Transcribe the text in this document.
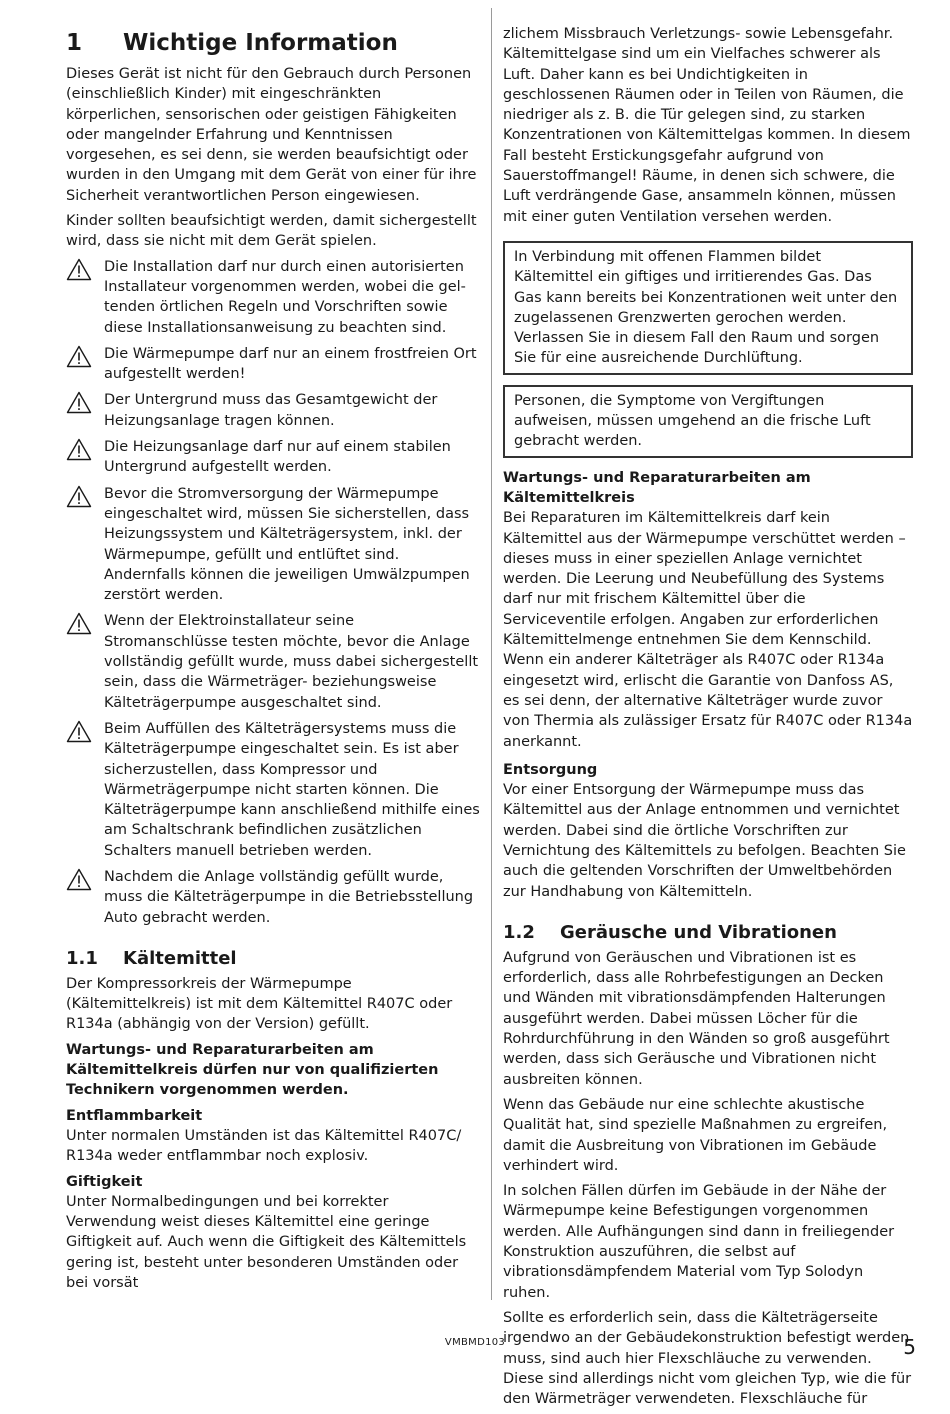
1 Wichtige Information

Dieses Gerät ist nicht für den Gebrauch durch Personen (einschließlich Kinder) mit eingeschränkten körperlichen, sensorischen oder geistigen Fähigkeiten oder mangelnder Erfahrung und Kenntnissen vorgesehen, es sei denn, sie werden beaufsichtigt oder wurden in den Umgang mit dem Gerät von einer für ihre Sicherheit verantwortlichen Person eingewiesen.

Kinder sollten beaufsichtigt werden, damit sichergestellt wird, dass sie nicht mit dem Gerät spielen.

Die Installation darf nur durch einen autorisierten Installateur vorgenommen werden, wobei die geltenden örtlichen Regeln und Vorschriften sowie diese Installationsanweisung zu beachten sind.

Die Wärmepumpe darf nur an einem frostfreien Ort aufgestellt werden!

Der Untergrund muss das Gesamtgewicht der Heizungsanlage tragen können.

Die Heizungsanlage darf nur auf einem stabilen Untergrund aufgestellt werden.

Bevor die Stromversorgung der Wärmepumpe eingeschaltet wird, müssen Sie sicherstellen, dass Heizungssystem und Kälteträgersystem, inkl. der Wärmepumpe, gefüllt und entlüftet sind. Andernfalls können die jeweiligen Umwälzpumpen zerstört werden.

Wenn der Elektroinstallateur seine Stromanschlüsse testen möchte, bevor die Anlage vollständig gefüllt wurde, muss dabei sichergestellt sein, dass die Wärmeträger- beziehungsweise Kälteträgerpumpe ausgeschaltet sind.

Beim Auffüllen des Kälteträgersystems muss die Kälteträgerpumpe eingeschaltet sein. Es ist aber sicherzustellen, dass Kompressor und Wärmeträgerpumpe nicht starten können. Die Kälteträgerpumpe kann anschließend mithilfe eines am Schaltschrank befindlichen zusätzlichen Schalters manuell betrieben werden.

Nachdem die Anlage vollständig gefüllt wurde, muss die Kälteträgerpumpe in die Betriebsstellung Auto gebracht werden.

1.1 Kältemittel

Der Kompressorkreis der Wärmepumpe (Kältemittelkreis) ist mit dem Kältemittel R407C oder R134a (abhängig von der Version) gefüllt.

Wartungs- und Reparaturarbeiten am Kältemittelkreis dürfen nur von qualifizierten Technikern vorgenommen werden.

Entflammbarkeit

Unter normalen Umständen ist das Kältemittel R407C/ R134a weder entflammbar noch explosiv.

Giftigkeit

Unter Normalbedingungen und bei korrekter Verwendung weist dieses Kältemittel eine geringe Giftigkeit auf. Auch wenn die Giftigkeit des Kältemittels gering ist, besteht unter besonderen Umständen oder bei vorsät

zlichem Missbrauch Verletzungs- sowie Lebensgefahr. Kältemittelgase sind um ein Vielfaches schwerer als Luft. Daher kann es bei Undichtigkeiten in geschlossenen Räumen oder in Teilen von Räumen, die niedriger als z. B. die Tür gelegen sind, zu starken Konzentrationen von Kältemittelgas kommen. In diesem Fall besteht Erstickungsgefahr aufgrund von Sauerstoffmangel! Räume, in denen sich schwere, die Luft verdrängende Gase, ansammeln können, müssen mit einer guten Ventilation versehen werden.

In Verbindung mit offenen Flammen bildet Kältemittel ein giftiges und irritierendes Gas. Das Gas kann bereits bei Konzentrationen weit unter den zugelassenen Grenzwerten gerochen werden. Verlassen Sie in diesem Fall den Raum und sorgen Sie für eine ausreichende Durchlüftung.

Personen, die Symptome von Vergiftungen aufweisen, müssen umgehend an die frische Luft gebracht werden.

Wartungs- und Reparaturarbeiten am Kältemittelkreis

Bei Reparaturen im Kältemittelkreis darf kein Kältemittel aus der Wärmepumpe verschüttet werden – dieses muss in einer speziellen Anlage vernichtet werden. Die Leerung und Neubefüllung des Systems darf nur mit frischem Kältemittel über die Serviceventile erfolgen. Angaben zur erforderlichen Kältemittelmenge entnehmen Sie dem Kennschild. Wenn ein anderer Kälteträger als R407C oder R134a eingesetzt wird, erlischt die Garantie von Danfoss AS, es sei denn, der alternative Kälteträger wurde zuvor von Thermia als zulässiger Ersatz für R407C oder R134a anerkannt.

Entsorgung

Vor einer Entsorgung der Wärmepumpe muss das Kältemittel aus der Anlage entnommen und vernichtet werden. Dabei sind die örtliche Vorschriften zur Vernichtung des Kältemittels zu befolgen. Beachten Sie auch die geltenden Vorschriften der Umweltbehörden zur Handhabung von Kältemitteln.

1.2 Geräusche und Vibrationen

Aufgrund von Geräuschen und Vibrationen ist es erforderlich, dass alle Rohrbefestigungen an Decken und Wänden mit vibrationsdämpfenden Halterungen ausgeführt werden. Dabei müssen Löcher für die Rohrdurchführung in den Wänden so groß ausgeführt werden, dass sich Geräusche und Vibrationen nicht ausbreiten können.

Wenn das Gebäude nur eine schlechte akustische Qualität hat, sind spezielle Maßnahmen zu ergreifen, damit die Ausbreitung von Vibrationen im Gebäude verhindert wird.

In solchen Fällen dürfen im Gebäude in der Nähe der Wärmepumpe keine Befestigungen vorgenommen werden. Alle Aufhängungen sind dann in freiliegender Konstruktion auszuführen, die selbst auf vibrationsdämpfendem Material vom Typ Solodyn ruhen.

Sollte es erforderlich sein, dass die Kälteträgerseite irgendwo an der Gebäudekonstruktion befestigt werden muss, sind auch hier Flexschläuche zu verwenden. Diese sind allerdings nicht vom gleichen Typ, wie die für den Wärmeträger verwendeten. Flexschläuche für

VMBMD103	5
